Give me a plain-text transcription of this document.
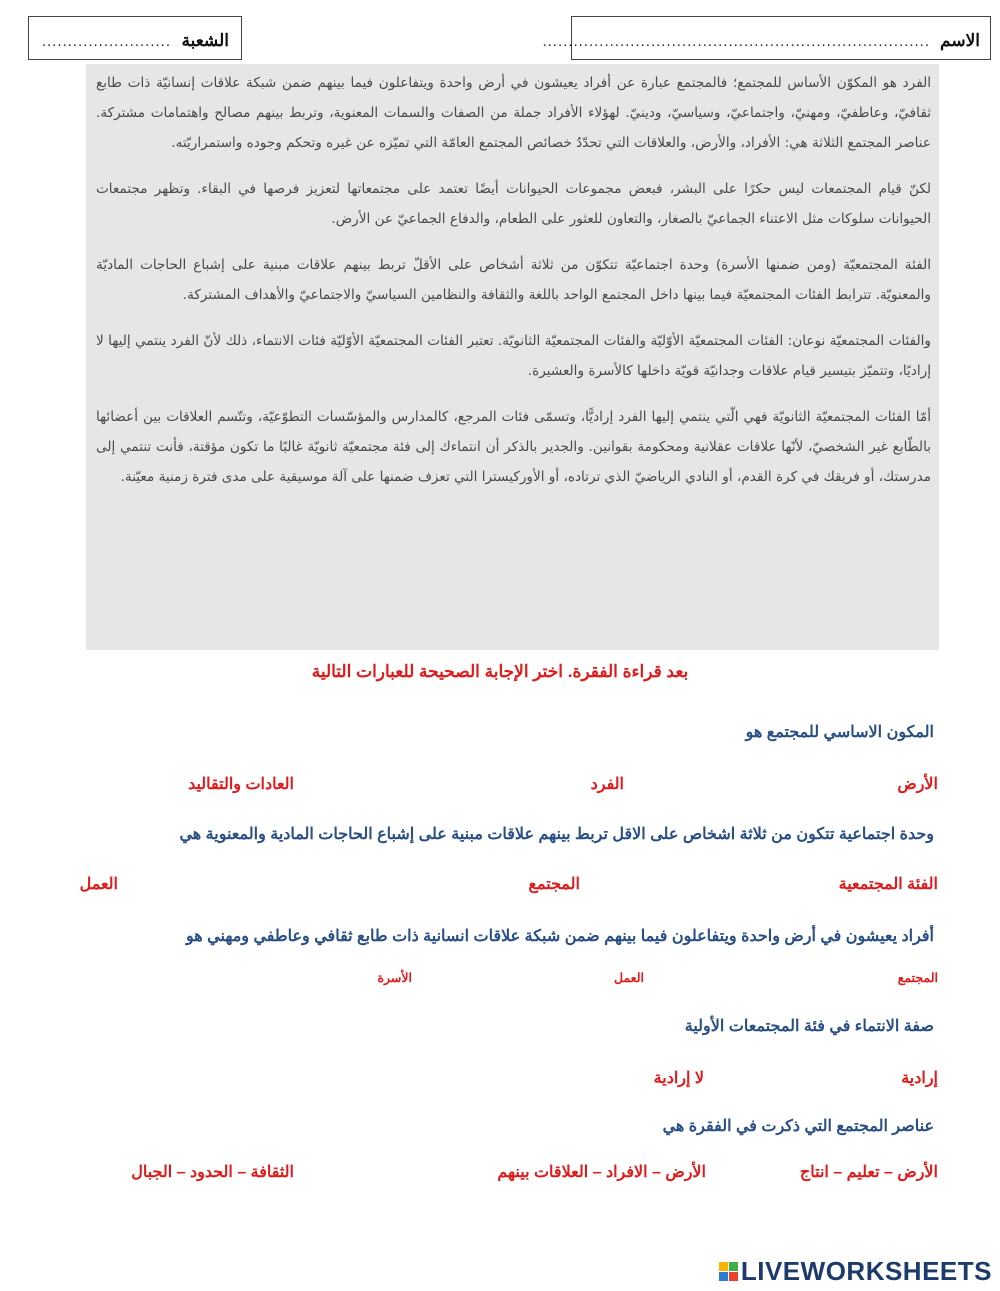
الاسم
...........................................................................
الشعبة
.........................

الفرد هو المكوّن الأساس للمجتمع؛ فالمجتمع عبارة عن أفراد يعيشون في أرض واحدة ويتفاعلون فيما بينهم ضمن شبكة علاقات إنسانيّة ذات طابع ثقافيّ، وعاطفيّ، ومهنيّ، واجتماعيّ، وسياسيّ، ودينيّ. لهؤلاء الأفراد جملة من الصفات والسمات المعنوية، وتربط بينهم مصالح واهتمامات مشتركة. عناصر المجتمع الثلاثة هي: الأفراد، والأرض، والعلاقات التي تحدّدُ خصائص المجتمع العامّة التي تميّزه عن غيره وتحكم وجوده واستمراريّته.

لكنّ قيام المجتمعات ليس حكرًا على البشر، فبعض مجموعات الحيوانات أيضًا تعتمد على مجتمعاتها لتعزيز فرصها في البقاء. وتظهر مجتمعات الحيوانات سلوكات مثل الاعتناء الجماعيّ بالصغار، والتعاون للعثور على الطعام، والدفاع الجماعيّ عن الأرض.

الفئة المجتمعيّة (ومن ضمنها الأسرة) وحدة اجتماعيّة تتكوّن من ثلاثة أشخاص على الأقلّ تربط بينهم علاقات مبنية على إشباع الحاجات الماديّة والمعنويّة. تترابط الفئات المجتمعيّة فيما بينها داخل المجتمع الواحد باللغة والثقافة والنظامين السياسيّ والاجتماعيّ والأهداف المشتركة.

والفئات المجتمعيّة نوعان: الفئات المجتمعيّة الأوّليّة والفئات المجتمعيّة الثانويّة. تعتبر الفئات المجتمعيّة الأوّليّة فئات الانتماء، ذلك لأنّ الفرد ينتمي إليها لا إراديًا، وتتميّز بتيسير قيام علاقات وجدانيّة قويّة داخلها كالأسرة والعشيرة.

أمّا الفئات المجتمعيّة الثانويّة فهي الّتي ينتمي إليها الفرد إراديًّا، وتسمّى فئات المرجع، كالمدارس والمؤسّسات التطوّعيّة، وتتّسم العلاقات بين أعضائها بالطّابع غير الشخصيّ، لأنّها علاقات عقلانية ومحكومة بقوانين. والجدير بالذكر أن انتماءك إلى فئة مجتمعيّة ثانويّة غالبًا ما تكون مؤقتة، فأنت تنتمي إلى مدرستك، أو فريقك في كرة القدم، أو النادي الرياضيّ الذي ترتاده، أو الأوركيسترا التي تعزف ضمنها على آلة موسيقية على مدى فترة زمنية معيّنة.

بعد قراءة الفقرة. اختر الإجابة الصحيحة للعبارات التالية
المكون الاساسي للمجتمع هو
الأرض
الفرد
العادات والتقاليد
وحدة اجتماعية تتكون من ثلاثة اشخاص على الاقل تربط بينهم علاقات مبنية على إشباع الحاجات المادية والمعنوية هي
الفئة المجتمعية
المجتمع
العمل
أفراد يعيشون في أرض واحدة ويتفاعلون فيما بينهم ضمن شبكة علاقات انسانية ذات طابع ثقافي وعاطفي ومهني هو
المجتمع
العمل
الأسرة
صفة الانتماء في فئة المجتمعات الأولية
إرادية
لا إرادية
عناصر المجتمع التي ذكرت في الفقرة هي
الأرض – تعليم – انتاج
الأرض – الافراد – العلاقات بينهم
الثقافة – الحدود – الجبال
LIVEWORKSHEETS
